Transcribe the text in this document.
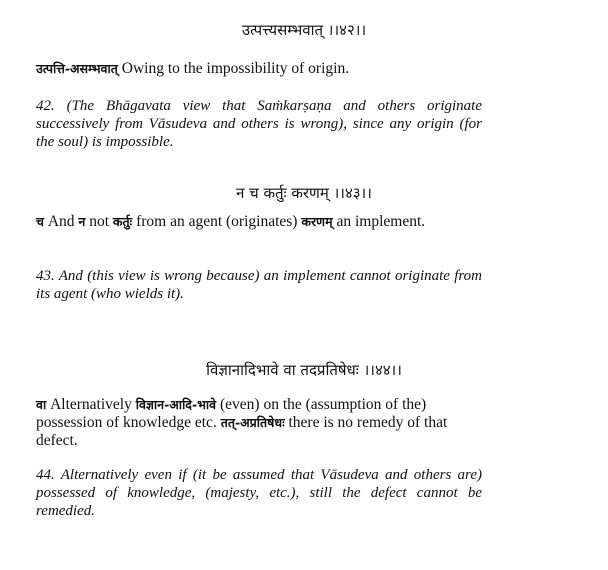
उत्पत्त्यसम्भवात् ।।४२।।
उत्पत्ति-असम्भवात् Owing to the impossibility of origin.
42. (The Bhāgavata view that Saṁkarṣaṇa and others originate successively from Vāsudeva and others is wrong), since any origin (for the soul) is impossible.
न च कर्तुः करणम् ।।४३।।
च And न not कर्तुः from an agent (originates) करणम् an implement.
43. And (this view is wrong because) an implement cannot originate from its agent (who wields it).
विज्ञानादिभावे वा तदप्रतिषेधः ।।४४।।
वा Alternatively विज्ञान-आदि-भावे (even) on the (assumption of the) possession of knowledge etc. तत्-अप्रतिषेधः there is no remedy of that defect.
44. Alternatively even if (it be assumed that Vāsudeva and others are) possessed of knowledge, (majesty, etc.), still the defect cannot be remedied.
